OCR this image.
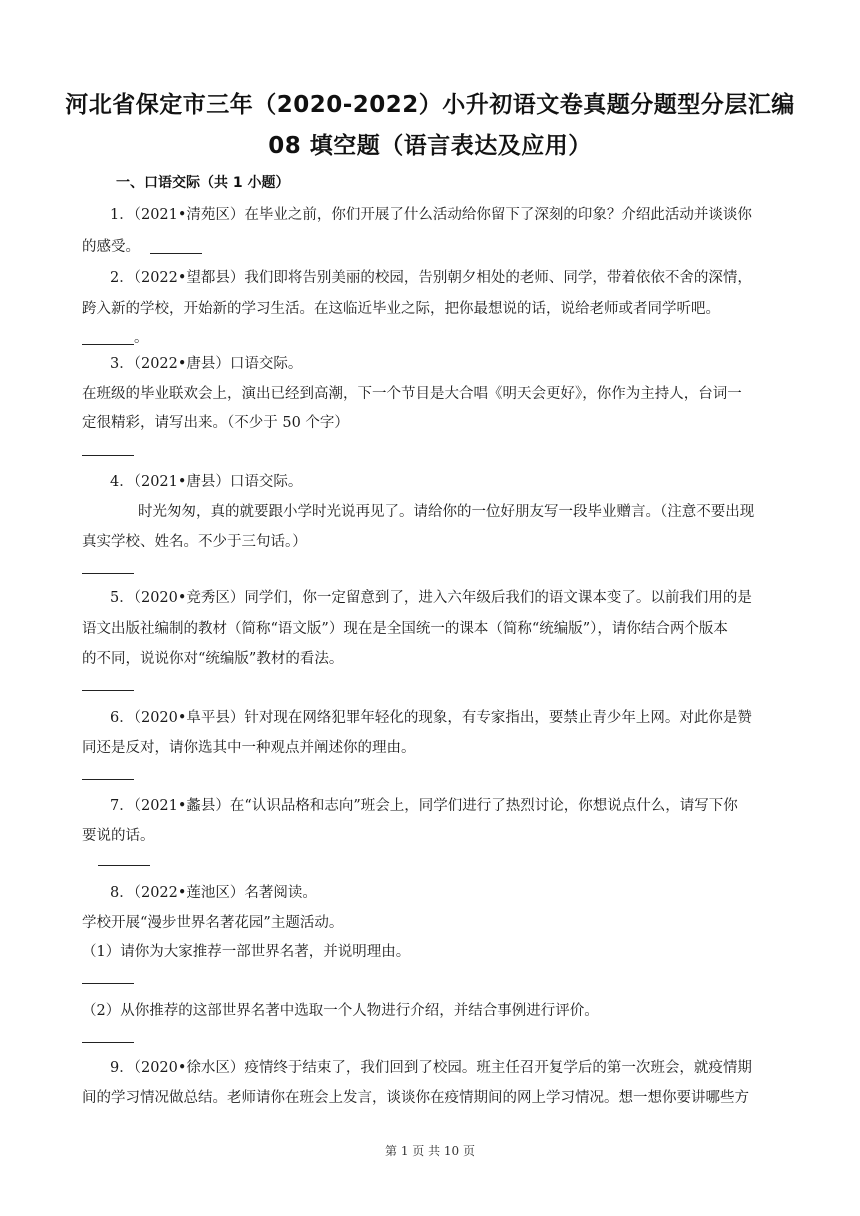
河北省保定市三年（2020-2022）小升初语文卷真题分题型分层汇编
08 填空题（语言表达及应用）
一、口语交际（共 1 小题）
1．（2021•清苑区）在毕业之前，你们开展了什么活动给你留下了深刻的印象？介绍此活动并谈谈你
的感受。
2．（2022•望都县）我们即将告别美丽的校园，告别朝夕相处的老师、同学，带着依依不舍的深情，
跨入新的学校，开始新的学习生活。在这临近毕业之际，把你最想说的话，说给老师或者同学听吧。
。
3．（2022•唐县）口语交际。
在班级的毕业联欢会上，演出已经到高潮，下一个节目是大合唱《明天会更好》，你作为主持人，台词一
定很精彩，请写出来。（不少于 50 个字）
4．（2021•唐县）口语交际。
时光匆匆，真的就要跟小学时光说再见了。请给你的一位好朋友写一段毕业赠言。（注意不要出现
真实学校、姓名。不少于三句话。）
5．（2020•竞秀区）同学们，你一定留意到了，进入六年级后我们的语文课本变了。以前我们用的是
语文出版社编制的教材（简称“语文版”）现在是全国统一的课本（简称“统编版”），请你结合两个版本
的不同，说说你对“统编版”教材的看法。
6．（2020•阜平县）针对现在网络犯罪年轻化的现象，有专家指出，要禁止青少年上网。对此你是赞
同还是反对，请你选其中一种观点并阐述你的理由。
7．（2021•蠡县）在“认识品格和志向”班会上，同学们进行了热烈讨论，你想说点什么，请写下你
要说的话。
8．（2022•莲池区）名著阅读。
学校开展“漫步世界名著花园”主题活动。
（1）请你为大家推荐一部世界名著，并说明理由。
（2）从你推荐的这部世界名著中选取一个人物进行介绍，并结合事例进行评价。
9．（2020•徐水区）疫情终于结束了，我们回到了校园。班主任召开复学后的第一次班会，就疫情期
间的学习情况做总结。老师请你在班会上发言，谈谈你在疫情期间的网上学习情况。想一想你要讲哪些方
第 1 页 共 10 页
